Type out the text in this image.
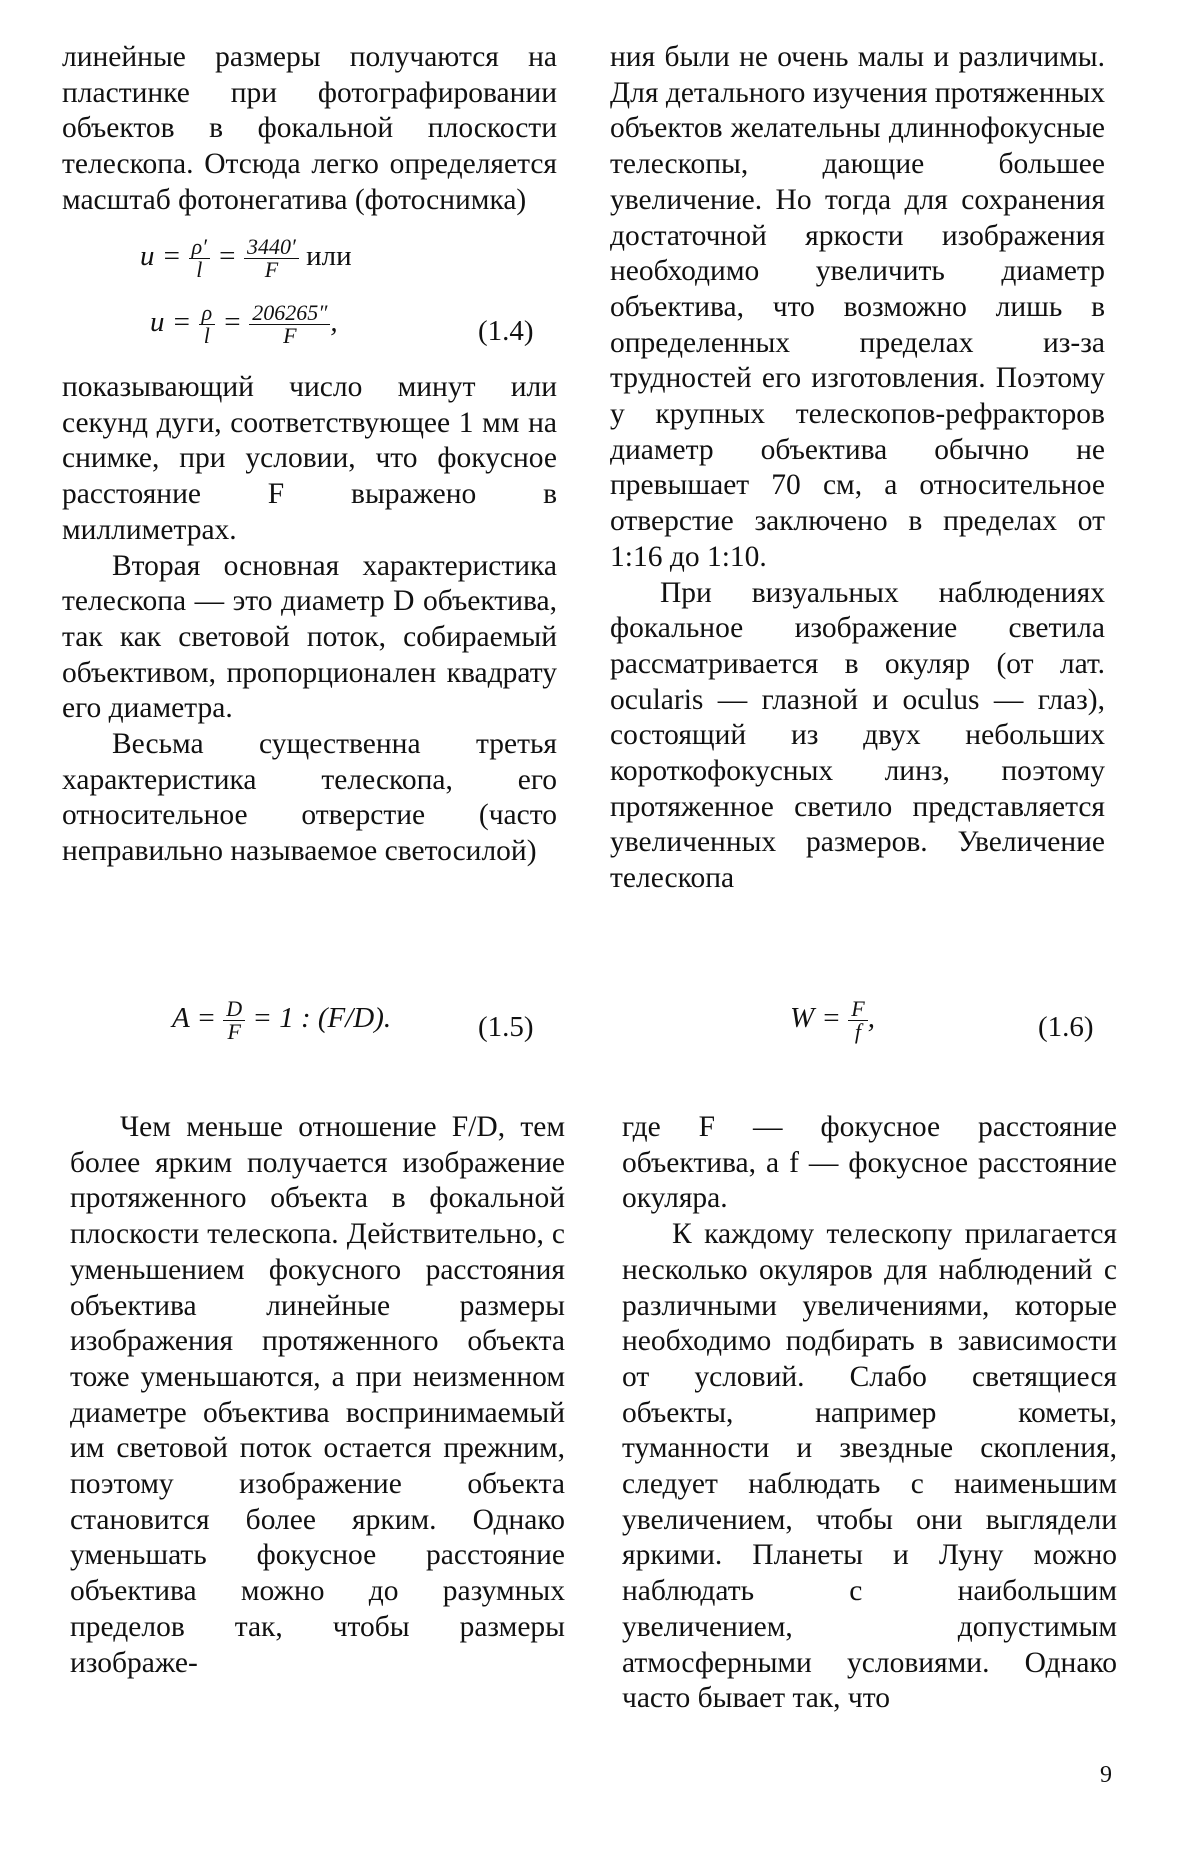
линейные размеры получаются на пластинке при фотографировании объектов в фокальной плоскости телескопа. Отсюда легко определяется масштаб фотонегатива (фотоснимка)

$u = \frac{\rho'}{l} = \frac{3440'}{F}$ или
$u = \frac{\rho}{l} = \frac{206265''}{F}$ ,	(1.4)

показывающий число минут или секунд дуги, соответствующее 1 мм на снимке, при условии, что фокусное расстояние F выражено в миллиметрах.

Вторая основная характеристика телескопа — это диаметр D объектива, так как световой поток, собираемый объективом, пропорционален квадрату его диаметра.

Весьма существенна третья характеристика телескопа, его относительное отверстие (часто неправильно называемое светосилой)

$A = \frac{D}{F} = 1$ : (F/D).	(1.5)

ния были не очень малы и различимы. Для детального изучения протяженных объектов желательны длиннофокусные телескопы, дающие большее увеличение. Но тогда для сохранения достаточной яркости изображения необходимо увеличить диаметр объектива, что возможно лишь в определенных пределах из-за трудностей его изготовления. Поэтому у крупных телескопов-рефракторов диаметр объектива обычно не превышает 70 см, а относительное отверстие заключено в пределах от 1:16 до 1:10.

При визуальных наблюдениях фокальное изображение светила рассматривается в окуляр (от лат. ocularis — глазной и oculus — глаз), состоящий из двух небольших короткофокусных линз, поэтому протяженное светило представляется увеличенных размеров. Увеличение телескопа

$W = \frac{F}{f}$ ,	(1.6)

Чем меньше отношение F/D, тем более ярким получается изображение протяженного объекта в фокальной плоскости телескопа. Действительно, с уменьшением фокусного расстояния объектива линейные размеры изображения протяженного объекта тоже уменьшаются, а при неизменном диаметре объектива воспринимаемый им световой поток остается прежним, поэтому изображение объекта становится более ярким. Однако уменьшать фокусное расстояние объектива можно до разумных пределов так, чтобы размеры изображе-

где F — фокусное расстояние объектива, а f — фокусное расстояние окуляра.

К каждому телескопу прилагается несколько окуляров для наблюдений с различными увеличениями, которые необходимо подбирать в зависимости от условий. Слабо светящиеся объекты, например кометы, туманности и звездные скопления, следует наблюдать с наименьшим увеличением, чтобы они выглядели яркими. Планеты и Луну можно наблюдать с наибольшим увеличением, допустимым атмосферными условиями. Однако часто бывает так, что

9
